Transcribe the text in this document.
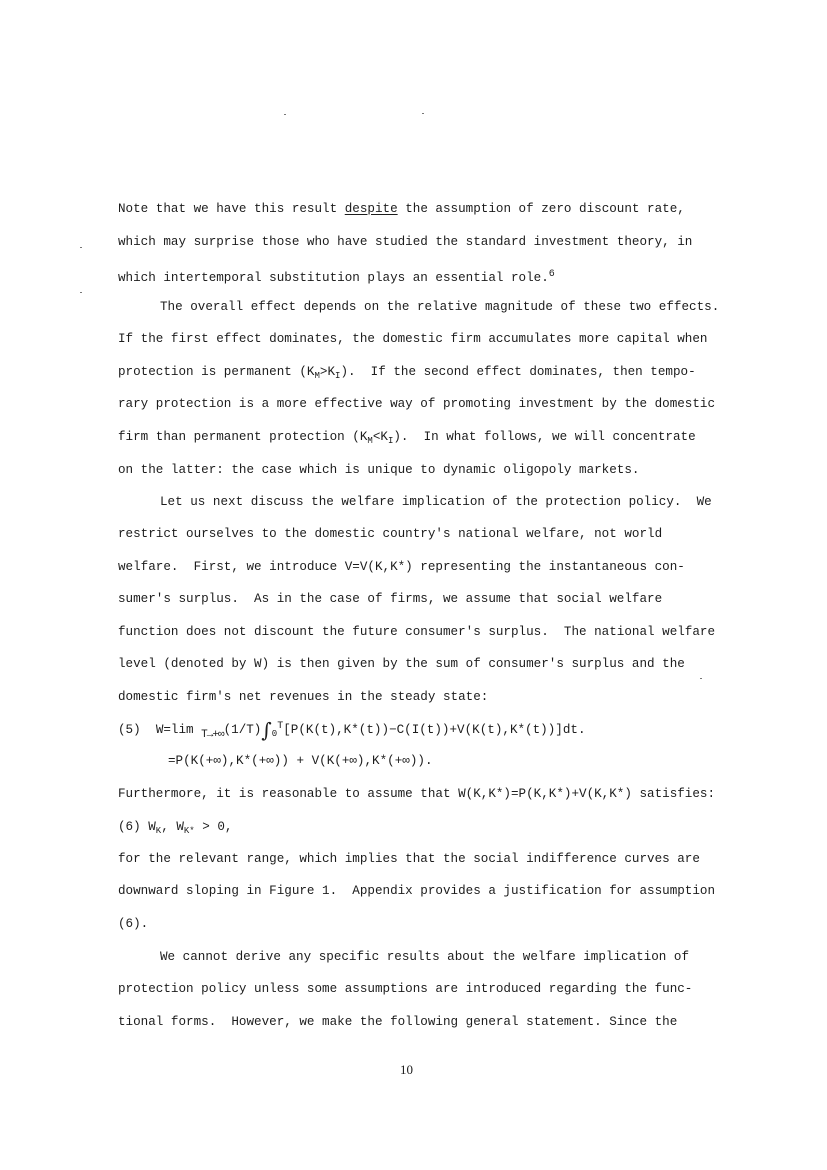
Note that we have this result despite the assumption of zero discount rate,
which may surprise those who have studied the standard investment theory, in
which intertemporal substitution plays an essential role.$^6$
The overall effect depends on the relative magnitude of these two effects.
If the first effect dominates, the domestic firm accumulates more capital when
protection is permanent $(K_M>K_I)$.  If the second effect dominates, then tempo-
rary protection is a more effective way of promoting investment by the domestic
firm than permanent protection $(K_M<K_I)$.  In what follows, we will concentrate
on the latter: the case which is unique to dynamic oligopoly markets.
Let us next discuss the welfare implication of the protection policy.  We
restrict ourselves to the domestic country's national welfare, not world
welfare.  First, we introduce V=V(K,K*) representing the instantaneous con-
sumer's surplus.  As in the case of firms, we assume that social welfare
function does not discount the future consumer's surplus.  The national welfare
level (denoted by W) is then given by the sum of consumer's surplus and the
domestic firm's net revenues in the steady state:
(5) W=lim $T\to+\infty(1/T)\int_0^T[P(K(t),K*(t))-C(I(t))+V(K(t),K*(t))]dt$.
=P(K(+∞),K*(+∞)) + V(K(+∞),K*(+∞)).
Furthermore, it is reasonable to assume that W(K,K*)=P(K,K*)+V(K,K*) satisfies:
(6) $W_K$, $W_{K*} > 0$,
for the relevant range, which implies that the social indifference curves are
downward sloping in Figure 1.  Appendix provides a justification for assumption
(6).
We cannot derive any specific results about the welfare implication of
protection policy unless some assumptions are introduced regarding the func-
tional forms.  However, we make the following general statement. Since the
10
